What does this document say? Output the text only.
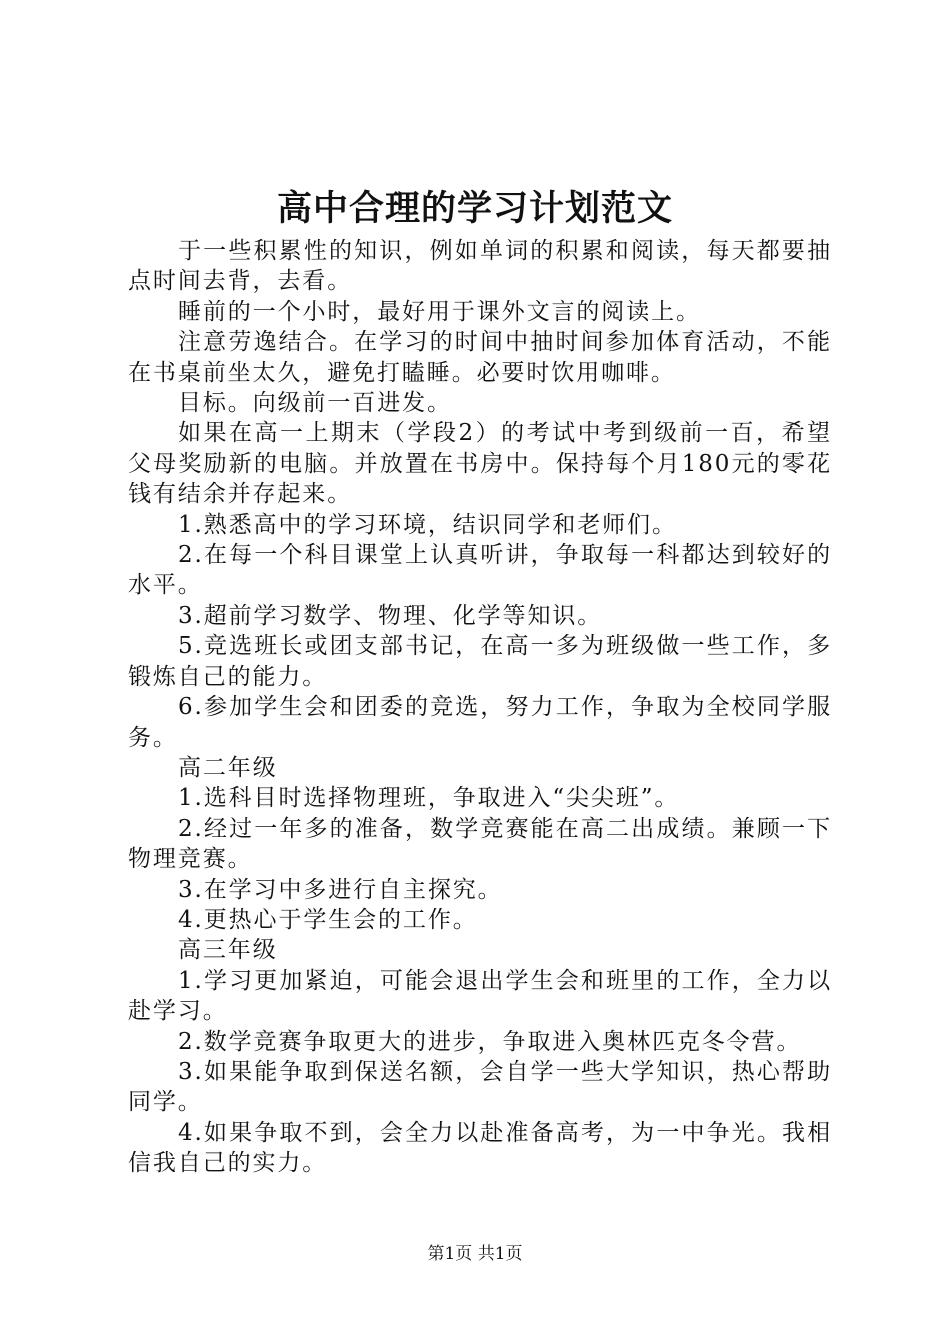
高中合理的学习计划范文

于一些积累性的知识，例如单词的积累和阅读，每天都要抽点时间去背，去看。

睡前的一个小时，最好用于课外文言的阅读上。

注意劳逸结合。在学习的时间中抽时间参加体育活动，不能在书桌前坐太久，避免打瞌睡。必要时饮用咖啡。

目标。向级前一百进发。

如果在高一上期末（学段2）的考试中考到级前一百，希望父母奖励新的电脑。并放置在书房中。保持每个月180元的零花钱有结余并存起来。

1.熟悉高中的学习环境，结识同学和老师们。

2.在每一个科目课堂上认真听讲，争取每一科都达到较好的水平。

3.超前学习数学、物理、化学等知识。

5.竞选班长或团支部书记，在高一多为班级做一些工作，多锻炼自己的能力。

6.参加学生会和团委的竞选，努力工作，争取为全校同学服务。

高二年级

1.选科目时选择物理班，争取进入“尖尖班”。

2.经过一年多的准备，数学竞赛能在高二出成绩。兼顾一下物理竞赛。

3.在学习中多进行自主探究。

4.更热心于学生会的工作。

高三年级

1.学习更加紧迫，可能会退出学生会和班里的工作，全力以赴学习。

2.数学竞赛争取更大的进步，争取进入奥林匹克冬令营。

3.如果能争取到保送名额，会自学一些大学知识，热心帮助同学。

4.如果争取不到，会全力以赴准备高考，为一中争光。我相信我自己的实力。

第1页 共1页
